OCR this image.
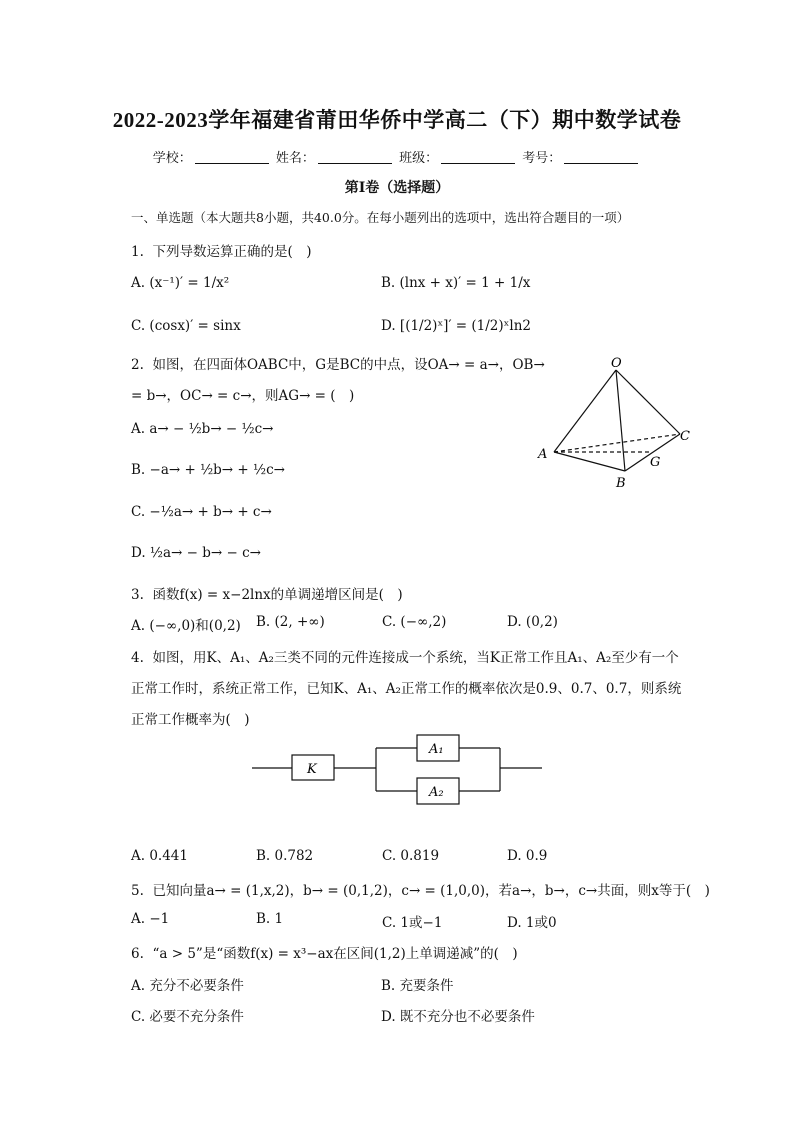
2022-2023学年福建省莆田华侨中学高二（下）期中数学试卷
学校：	姓名：	班级：	考号：
第I卷（选择题）
一、单选题（本大题共8小题，共40.0分。在每小题列出的选项中，选出符合题目的一项）
1. 下列导数运算正确的是(　)
A. (x⁻¹)′ = 1/x²	B. (lnx + x)′ = 1 + 1/x
C. (cosx)′ = sinx	D. [(1/2)ˣ]′ = (1/2)ˣln2
2. 如图，在四面体OABC中，G是BC的中点，设OA→ = a→，OB→
= b→，OC→ = c→，则AG→ = (　)
A. a→ − ½b→ − ½c→
B. −a→ + ½b→ + ½c→
C. −½a→ + b→ + c→
D. ½a→ − b→ − c→
O
A
B
C
G
3. 函数f(x) = x−2lnx的单调递增区间是(　)
A. (−∞,0)和(0,2) B. (2, +∞)	C. (−∞,2)	D. (0,2)
4. 如图，用K、A₁、A₂三类不同的元件连接成一个系统，当K正常工作且A₁、A₂至少有一个
正常工作时，系统正常工作，已知K、A₁、A₂正常工作的概率依次是0.9、0.7、0.7，则系统
正常工作概率为(　)
K
A₁
A₂
A. 0.441	B. 0.782	C. 0.819	D. 0.9
5. 已知向量a→ = (1,x,2)，b→ = (0,1,2)，c→ = (1,0,0)，若a→，b→，c→共面，则x等于(　)
A. −1	B. 1	C. 1或−1	D. 1或0
6. “a > 5”是“函数f(x) = x³−ax在区间(1,2)上单调递减”的(　)
A. 充分不必要条件	B. 充要条件
C. 必要不充分条件	D. 既不充分也不必要条件
